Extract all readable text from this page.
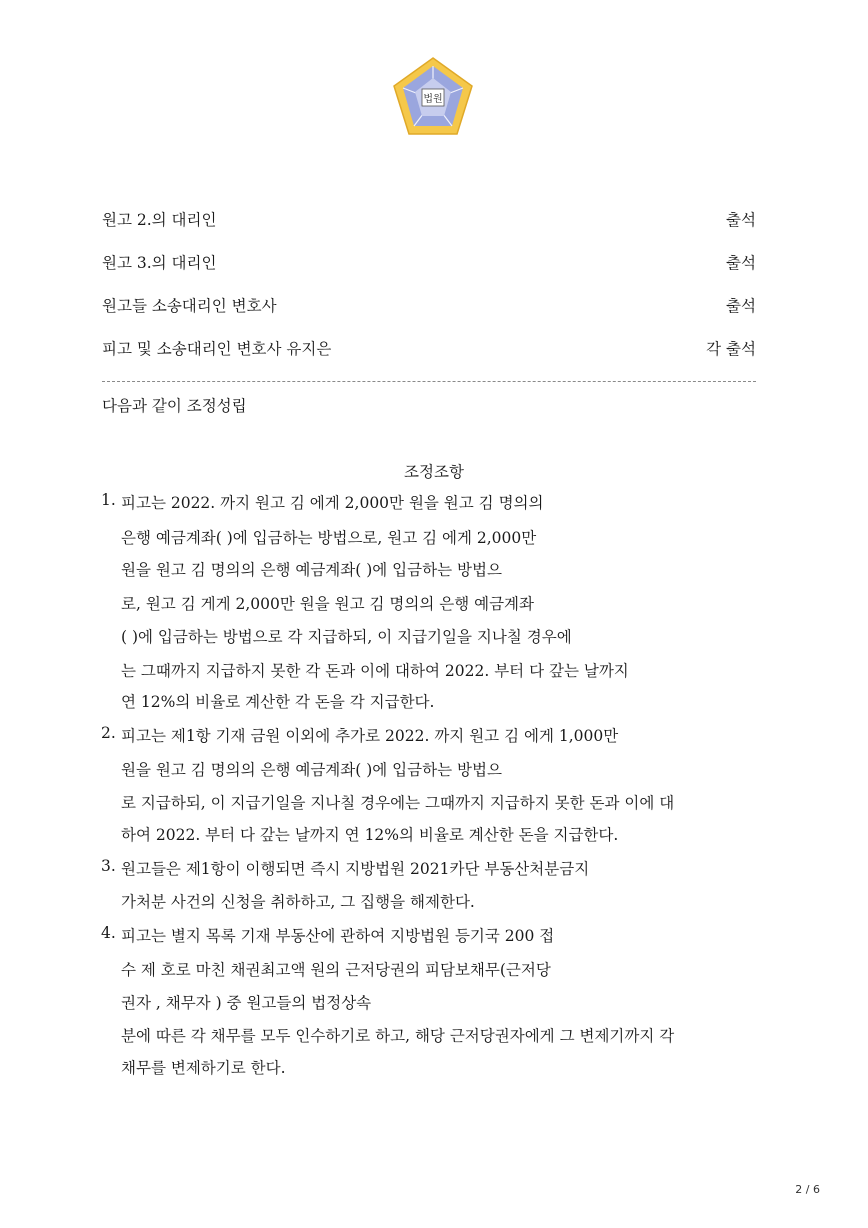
법원
원고 2.의 대리인	출석
원고 3.의 대리인	출석
원고들 소송대리인 변호사	출석
피고 및 소송대리인 변호사 유지은	각 출석
다음과 같이 조정성립
조정조항
1. 피고는 2022. 까지 원고 김 에게 2,000만 원을 원고 김 명의의
은행 예금계좌( )에 입금하는 방법으로, 원고 김 에게 2,000만
원을 원고 김 명의의 은행 예금계좌( )에 입금하는 방법으
로, 원고 김 게게 2,000만 원을 원고 김 명의의 은행 예금계좌
( )에 입금하는 방법으로 각 지급하되, 이 지급기일을 지나칠 경우에
는 그때까지 지급하지 못한 각 돈과 이에 대하여 2022. 부터 다 갚는 날까지
연 12%의 비율로 계산한 각 돈을 각 지급한다.
2. 피고는 제1항 기재 금원 이외에 추가로 2022. 까지 원고 김 에게 1,000만
원을 원고 김 명의의 은행 예금계좌( )에 입금하는 방법으
로 지급하되, 이 지급기일을 지나칠 경우에는 그때까지 지급하지 못한 돈과 이에 대
하여 2022. 부터 다 갚는 날까지 연 12%의 비율로 계산한 돈을 지급한다.
3. 원고들은 제1항이 이행되면 즉시 지방법원 2021카단 부동산처분금지
가처분 사건의 신청을 취하하고, 그 집행을 해제한다.
4. 피고는 별지 목록 기재 부동산에 관하여 지방법원 등기국 200 접
수 제 호로 마친 채권최고액 원의 근저당권의 피담보채무(근저당
권자 , 채무자 ) 중 원고들의 법정상속
분에 따른 각 채무를 모두 인수하기로 하고, 해당 근저당권자에게 그 변제기까지 각
채무를 변제하기로 한다.
2 / 6
